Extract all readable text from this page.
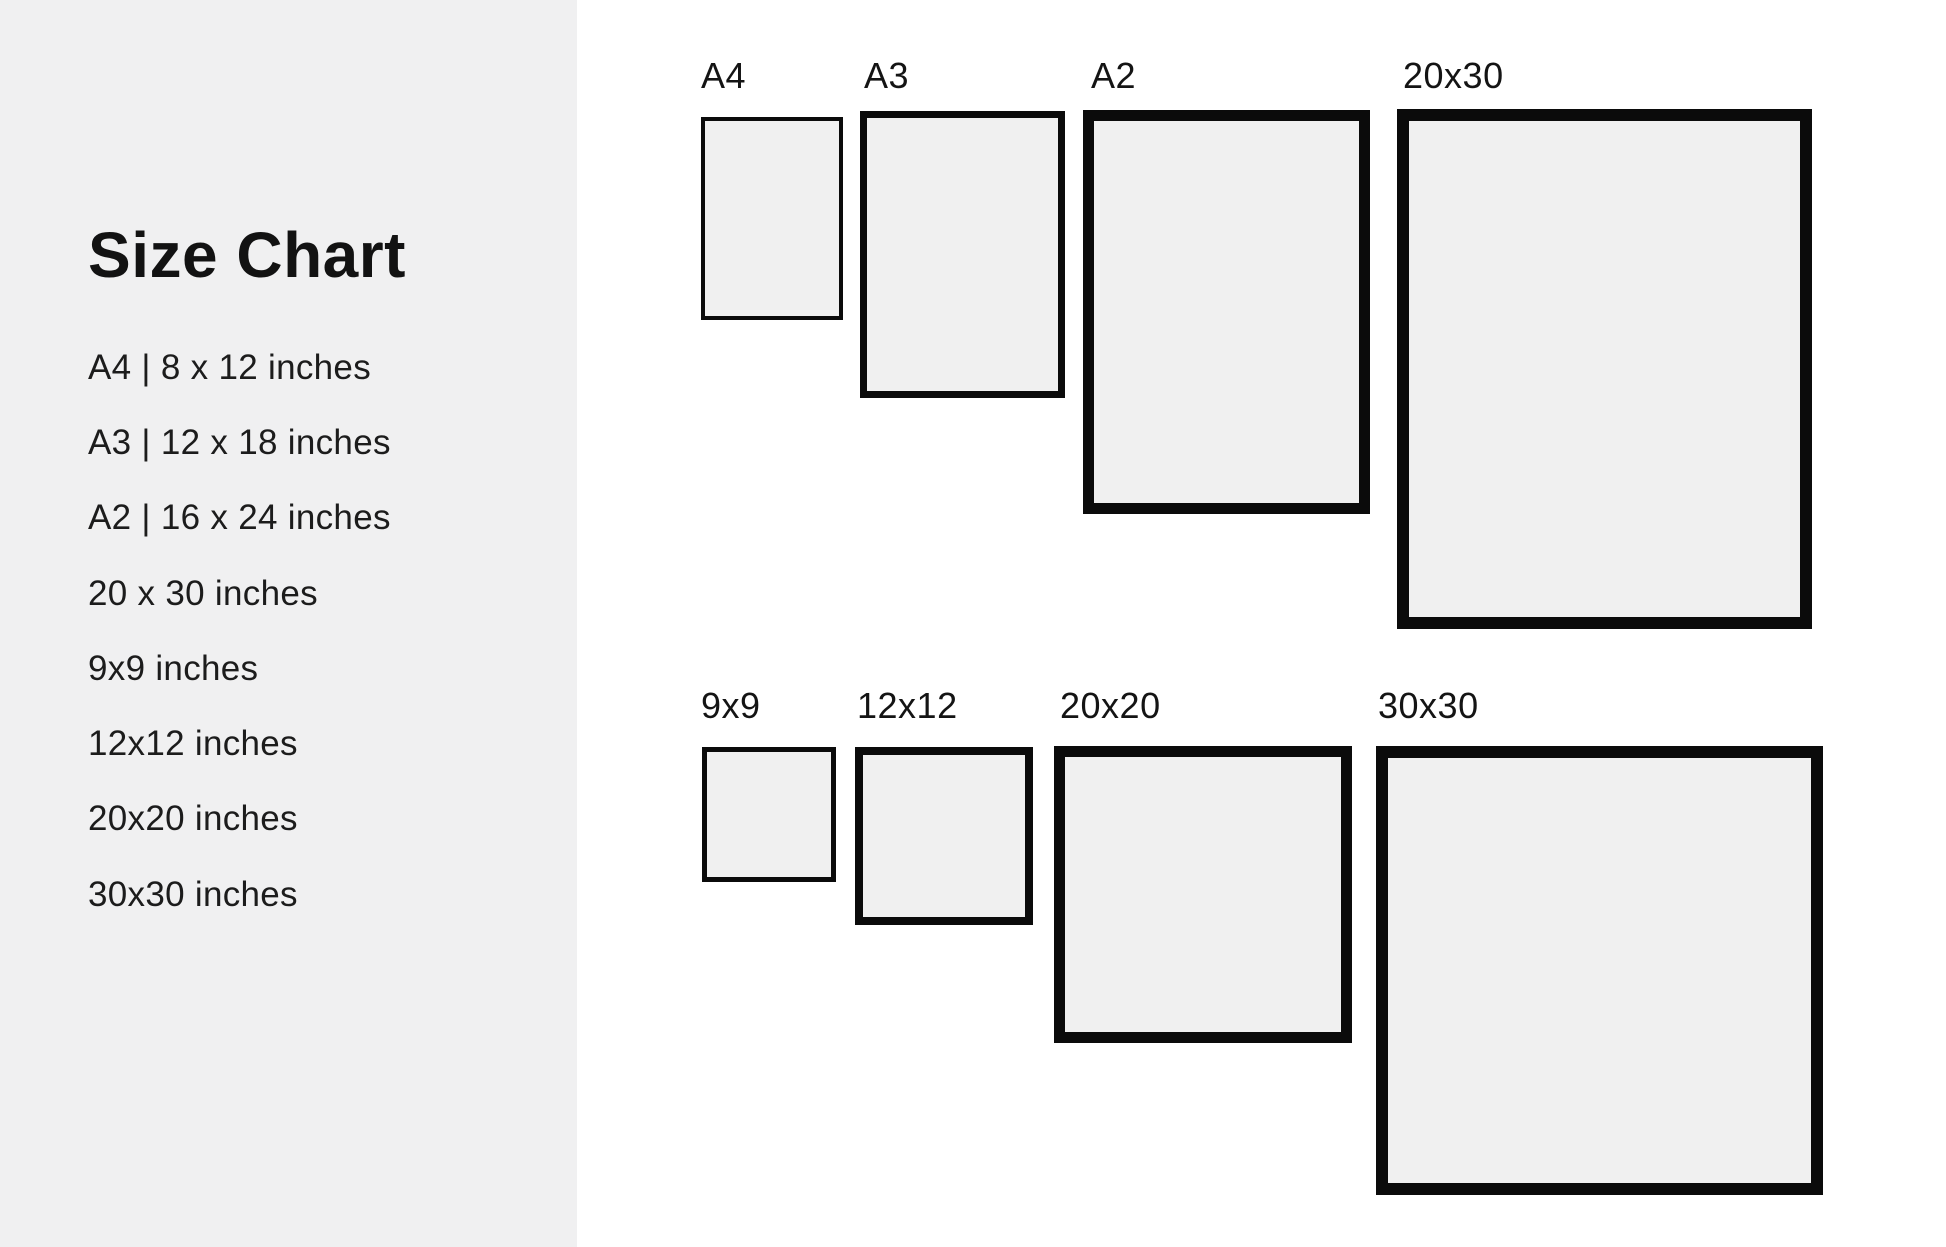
Size Chart
A4 | 8 x 12 inches
A3 | 12 x 18 inches
A2 | 16 x 24 inches
20 x 30 inches
9x9 inches
12x12 inches
20x20 inches
30x30 inches
A4	A3	A2	20x30
9x9	12x12	20x20	30x30
